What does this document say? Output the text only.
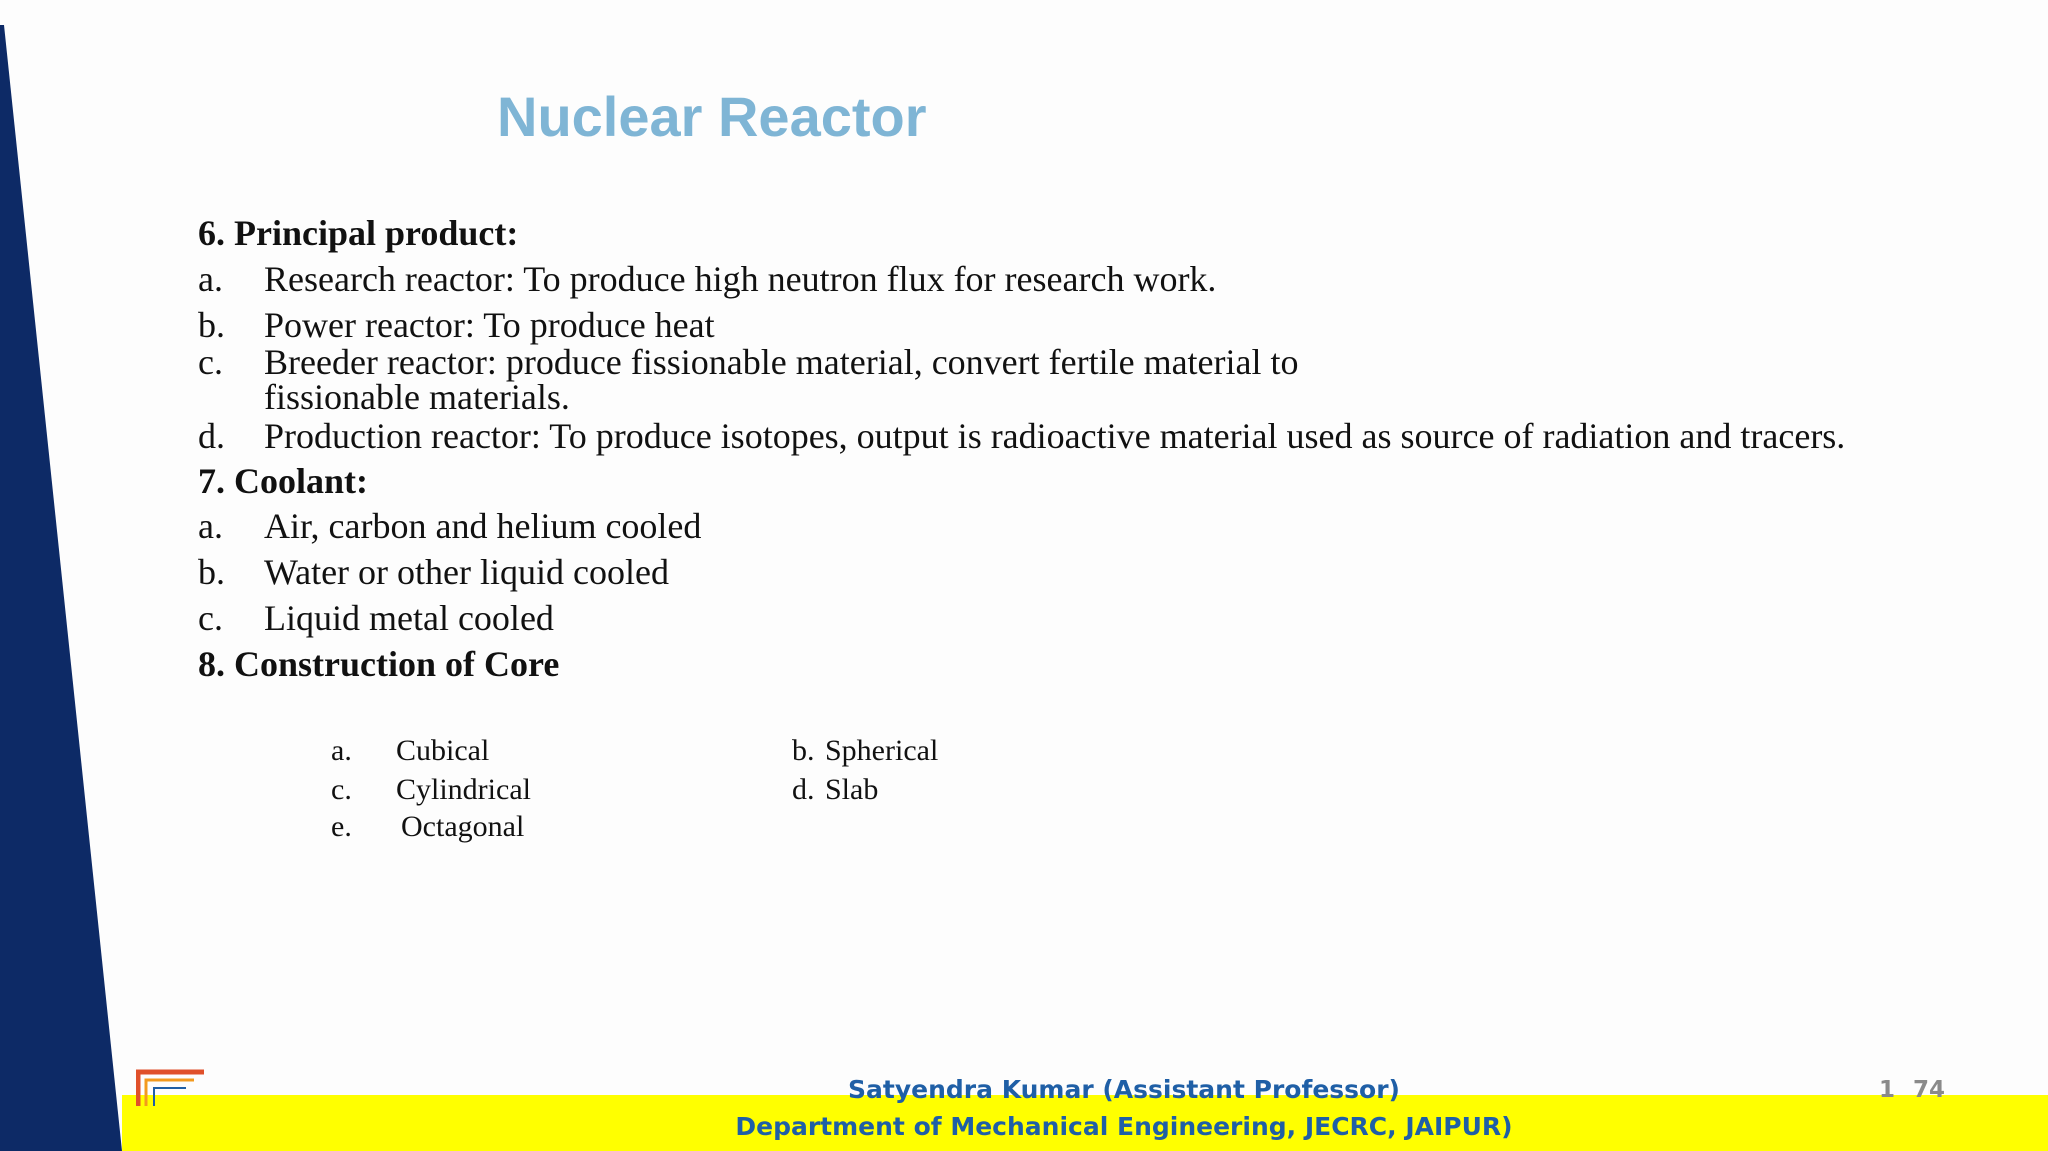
Nuclear Reactor
6. Principal product:
a. Research reactor: To produce high neutron flux for research work.
b. Power reactor: To produce heat
c. Breeder reactor: produce fissionable material, convert fertile material to
fissionable materials.
d. Production reactor: To produce isotopes, output is radioactive material used as source of radiation and tracers.
7. Coolant:
a. Air, carbon and helium cooled
b. Water or other liquid cooled
c. Liquid metal cooled
8. Construction of Core
a. Cubical	b. Spherical
c. Cylindrical	d. Slab
e. Octagonal
Satyendra Kumar (Assistant Professor)
Department of Mechanical Engineering, JECRC, JAIPUR)
1 74
